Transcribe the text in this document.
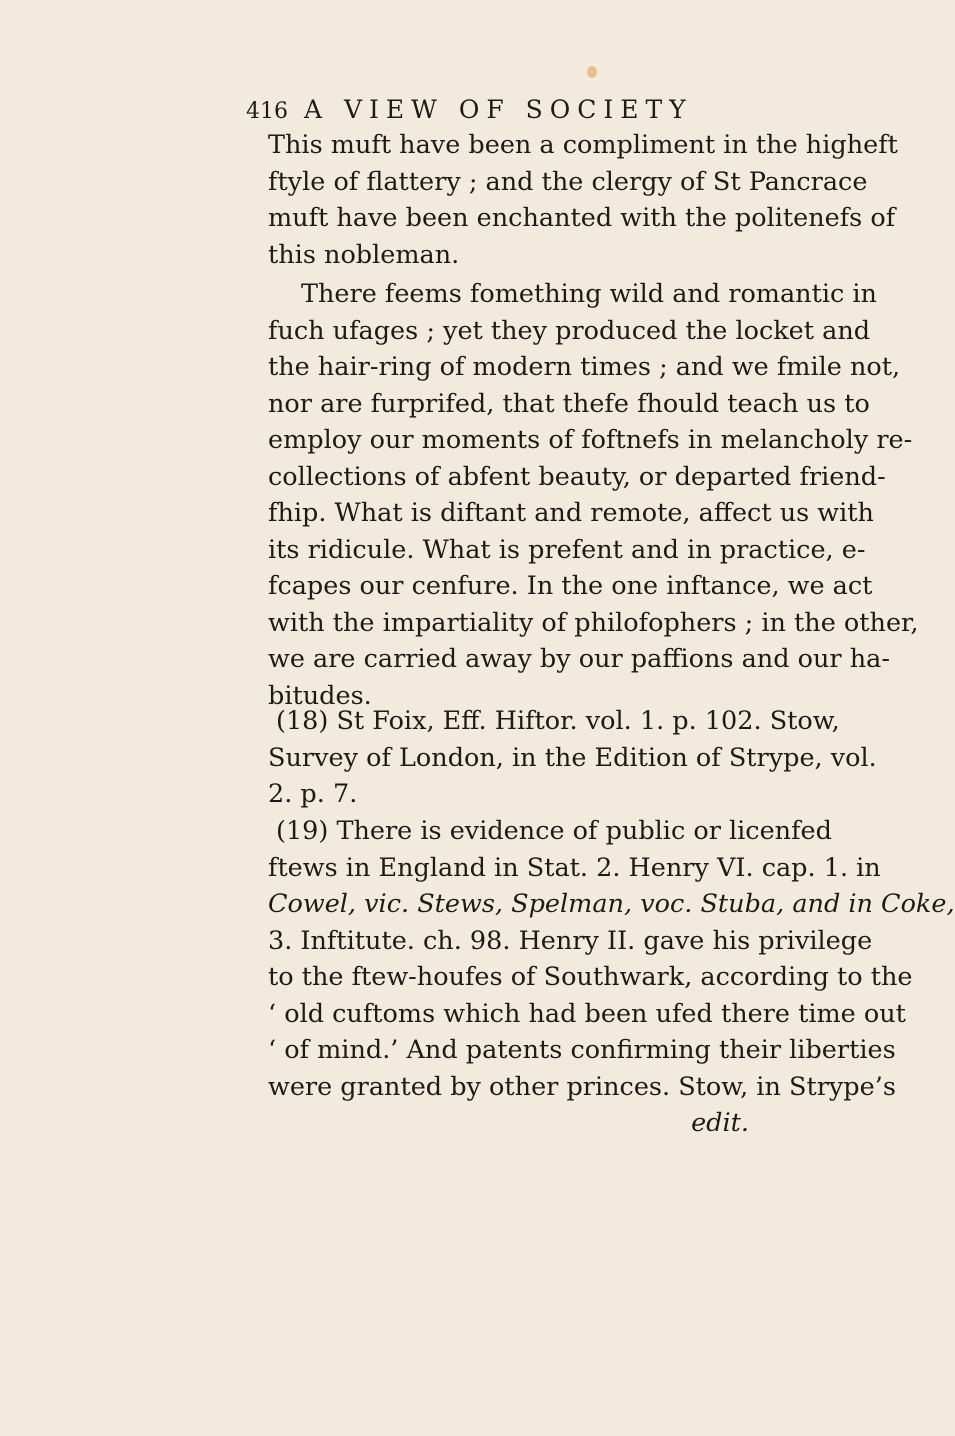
416 A VIEW OF SOCIETY

This muft have been a compliment in the higheft
ftyle of flattery ; and the clergy of St Pancrace
muft have been enchanted with the politenefs of
this nobleman.

There feems fomething wild and romantic in
fuch ufages ; yet they produced the locket and
the hair-ring of modern times ; and we fmile not,
nor are furprifed, that thefe fhould teach us to
employ our moments of foftnefs in melancholy re-
collections of abfent beauty, or departed friend-
fhip. What is diftant and remote, affect us with
its ridicule. What is prefent and in practice, e-
fcapes our cenfure. In the one inftance, we act
with the impartiality of philofophers ; in the other,
we are carried away by our paffions and our ha-
bitudes.

(18) St Foix, Eff. Hiftor. vol. 1. p. 102. Stow,
Survey of London, in the Edition of Strype, vol.
2. p. 7.

(19) There is evidence of public or licenfed
ftews in England in Stat. 2. Henry VI. cap. 1. in
Cowel, vic. Stews, Spelman, voc. Stuba, and in Coke,
3. Inftitute. ch. 98. Henry II. gave his privilege
to the ftew-houfes of Southwark, according to the
‘ old cuftoms which had been ufed there time out
‘ of mind.’ And patents confirming their liberties
were granted by other princes. Stow, in Strype’s
edit.
